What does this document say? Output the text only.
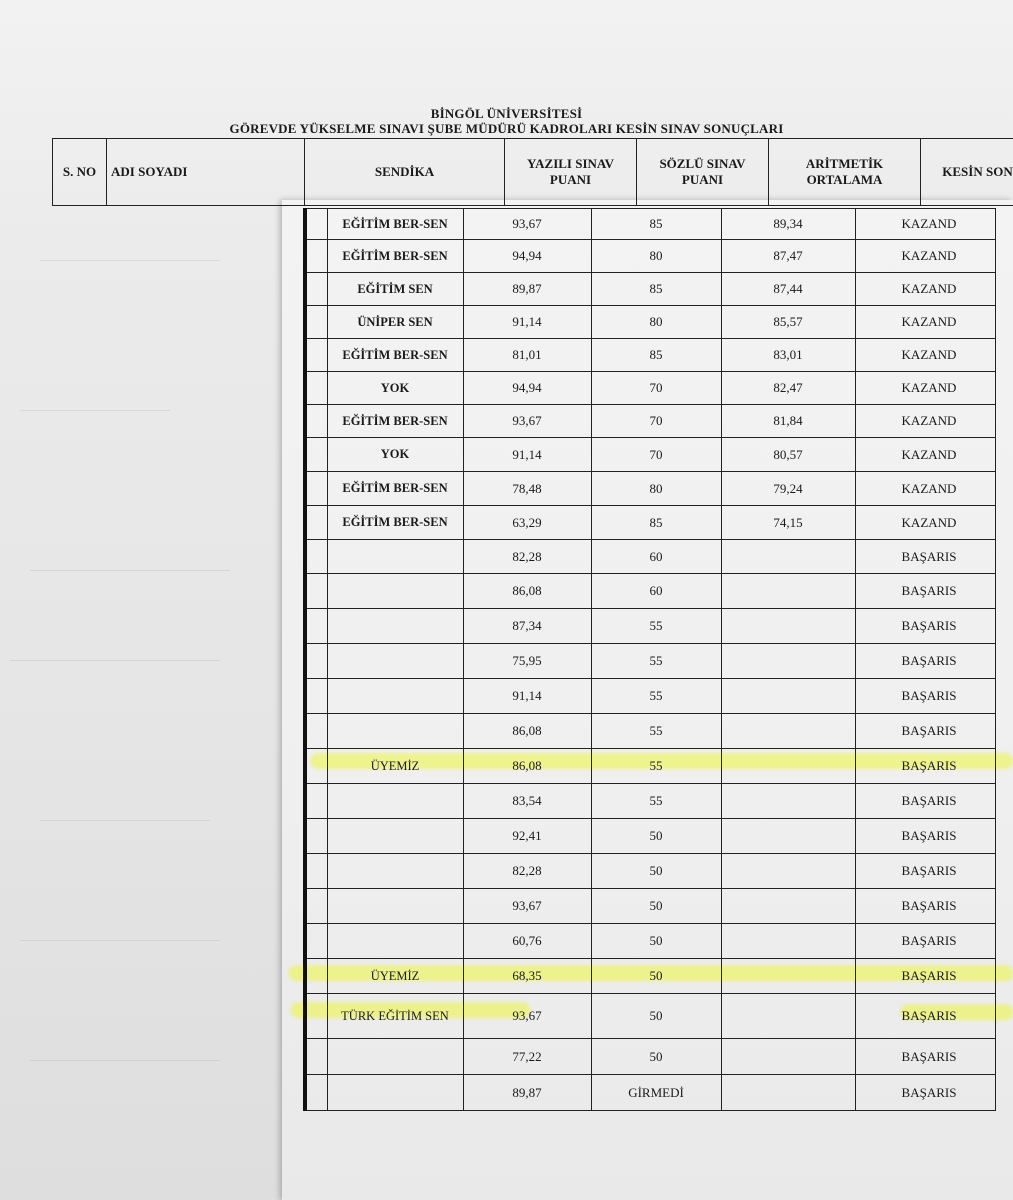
BİNGÖL ÜNİVERSİTESİ
GÖREVDE YÜKSELME SINAVI ŞUBE MÜDÜRÜ KADROLARI KESİN SINAV SONUÇLARI
S. NO	ADI SOYADI	SENDİKA	YAZILI SINAV PUANI	SÖZLÜ SINAV PUANI	ARİTMETİK ORTALAMA	KESİN SON
	EĞİTİM BER-SEN	93,67	85	89,34	KAZAND
	EĞİTİM BER-SEN	94,94	80	87,47	KAZAND
	EĞİTİM SEN	89,87	85	87,44	KAZAND
	ÜNİPER SEN	91,14	80	85,57	KAZAND
	EĞİTİM BER-SEN	81,01	85	83,01	KAZAND
	YOK	94,94	70	82,47	KAZAND
	EĞİTİM BER-SEN	93,67	70	81,84	KAZAND
	YOK	91,14	70	80,57	KAZAND
	EĞİTİM BER-SEN	78,48	80	79,24	KAZAND
	EĞİTİM BER-SEN	63,29	85	74,15	KAZAND
		82,28	60		BAŞARIS
		86,08	60		BAŞARIS
		87,34	55		BAŞARIS
		75,95	55		BAŞARIS
		91,14	55		BAŞARIS
		86,08	55		BAŞARIS
	ÜYEMİZ	86,08	55		BAŞARIS
		83,54	55		BAŞARIS
		92,41	50		BAŞARIS
		82,28	50		BAŞARIS
		93,67	50		BAŞARIS
		60,76	50		BAŞARIS
	ÜYEMİZ	68,35	50		BAŞARIS
	TÜRK EĞİTİM SEN	93,67	50		BAŞARIS
		77,22	50		BAŞARIS
		89,87	GİRMEDİ		BAŞARIS
